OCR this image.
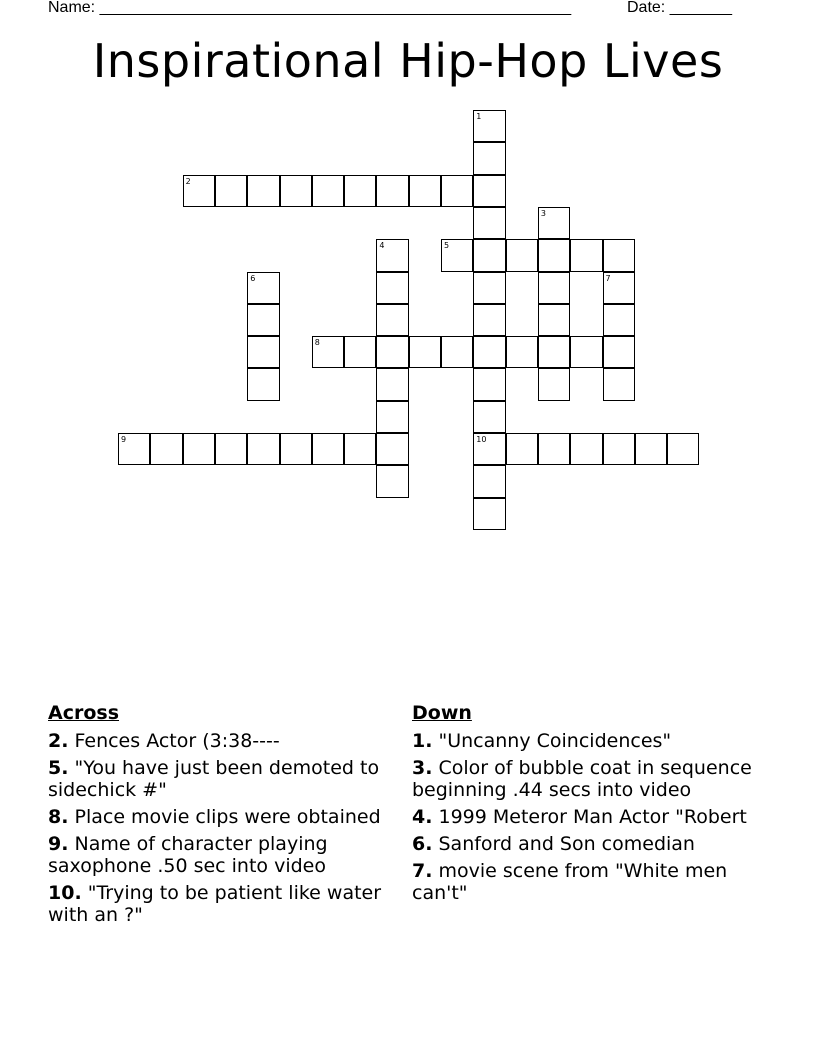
Name: _____________________________________________________	Date: _______
Inspirational Hip-Hop Lives
1
2
3
4	5
6	7
8
9	10
Across
2. Fences Actor (3:38----
5. "You have just been demoted to sidechick #"
8. Place movie clips were obtained
9. Name of character playing saxophone .50 sec into video
10. "Trying to be patient like water with an ?"
Down
1. "Uncanny Coincidences"
3. Color of bubble coat in sequence beginning .44 secs into video
4. 1999 Meteror Man Actor "Robert
6. Sanford and Son comedian
7. movie scene from "White men can't"
